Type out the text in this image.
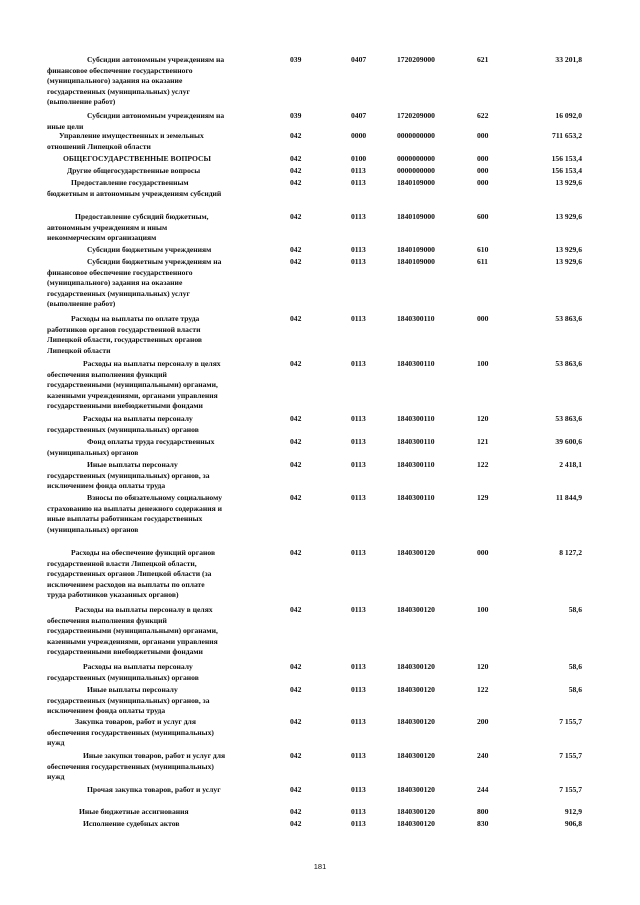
Субсидии автономным учреждениям на
финансовое обеспечение государственного
(муниципального) задания на оказание
государственных (муниципальных) услуг
(выполнение работ)
039	0407	1720209000	621	33 201,8
Субсидии автономным учреждениям на
иные цели
039	0407	1720209000	622	16 092,0
Управление имущественных и земельных
отношений Липецкой области
042	0000	0000000000	000	711 653,2
ОБЩЕГОСУДАРСТВЕННЫЕ ВОПРОСЫ	042	0100	0000000000	000	156 153,4
Другие общегосударственные вопросы	042	0113	0000000000	000	156 153,4
Предоставление государственным
бюджетным и автономным учреждениям субсидий
042	0113	1840109000	000	13 929,6
Предоставление субсидий бюджетным,
автономным учреждениям и иным
некоммерческим организациям
042	0113	1840109000	600	13 929,6
Субсидии бюджетным учреждениям	042	0113	1840109000	610	13 929,6
Субсидии бюджетным учреждениям на
финансовое обеспечение государственного
(муниципального) задания на оказание
государственных (муниципальных) услуг
(выполнение работ)
042	0113	1840109000	611	13 929,6
Расходы на выплаты по оплате труда
работников органов государственной власти
Липецкой области, государственных органов
Липецкой области
042	0113	1840300110	000	53 863,6
Расходы на выплаты персоналу в целях
обеспечения выполнения функций
государственными (муниципальными) органами,
казенными учреждениями, органами управления
государственными внебюджетными фондами
042	0113	1840300110	100	53 863,6
Расходы на выплаты персоналу
государственных (муниципальных) органов
042	0113	1840300110	120	53 863,6
Фонд оплаты труда государственных
(муниципальных) органов
042	0113	1840300110	121	39 600,6
Иные выплаты персоналу
государственных (муниципальных) органов, за
исключением фонда оплаты труда
042	0113	1840300110	122	2 418,1
Взносы по обязательному социальному
страхованию на выплаты денежного содержания и
иные выплаты работникам государственных
(муниципальных) органов
042	0113	1840300110	129	11 844,9
Расходы на обеспечение функций органов
государственной власти Липецкой области,
государственных органов Липецкой области (за
исключением расходов на выплаты по оплате
труда работников указанных органов)
042	0113	1840300120	000	8 127,2
Расходы на выплаты персоналу в целях
обеспечения выполнения функций
государственными (муниципальными) органами,
казенными учреждениями, органами управления
государственными внебюджетными фондами
042	0113	1840300120	100	58,6
Расходы на выплаты персоналу
государственных (муниципальных) органов
042	0113	1840300120	120	58,6
Иные выплаты персоналу
государственных (муниципальных) органов, за
исключением фонда оплаты труда
042	0113	1840300120	122	58,6
Закупка товаров, работ и услуг для
обеспечения государственных (муниципальных)
нужд
042	0113	1840300120	200	7 155,7
Иные закупки товаров, работ и услуг для
обеспечения государственных (муниципальных)
нужд
042	0113	1840300120	240	7 155,7
Прочая закупка товаров, работ и услуг	042	0113	1840300120	244	7 155,7
Иные бюджетные ассигнования	042	0113	1840300120	800	912,9
Исполнение судебных актов	042	0113	1840300120	830	906,8
181
